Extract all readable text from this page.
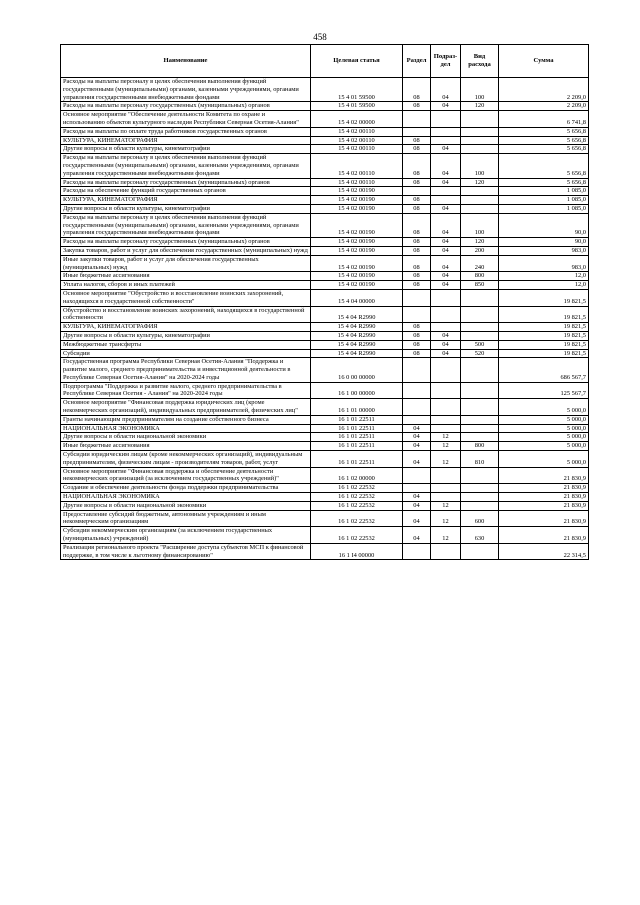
458
Наименование	Целевая статья	Раздел	Подраз-дел	Вид расхода	Сумма
Расходы на выплаты персоналу в целях обеспечения выполнения функций государственными (муниципальными) органами, казенными учреждениями, органами управления государственными внебюджетными фондами	15 4 01 59500	08	04	100	2 209,0
Расходы на выплаты персоналу государственных (муниципальных) органов	15 4 01 59500	08	04	120	2 209,0
Основное мероприятие "Обеспечение деятельности Комитета по охране и использованию объектов культурного наследия Республики Северная Осетия-Алания"	15 4 02 00000				6 741,8
Расходы на выплаты по оплате труда работников государственных органов	15 4 02 00110				5 656,8
КУЛЬТУРА, КИНЕМАТОГРАФИЯ	15 4 02 00110	08			5 656,8
Другие вопросы в области культуры, кинематографии	15 4 02 00110	08	04		5 656,8
Расходы на выплаты персоналу в целях обеспечения выполнения функций государственными (муниципальными) органами, казенными учреждениями, органами управления государственными внебюджетными фондами	15 4 02 00110	08	04	100	5 656,8
Расходы на выплаты персоналу государственных (муниципальных) органов	15 4 02 00110	08	04	120	5 656,8
Расходы на обеспечение функций государственных органов	15 4 02 00190				1 085,0
КУЛЬТУРА, КИНЕМАТОГРАФИЯ	15 4 02 00190	08			1 085,0
Другие вопросы в области культуры, кинематографии	15 4 02 00190	08	04		1 085,0
Расходы на выплаты персоналу в целях обеспечения выполнения функций государственными (муниципальными) органами, казенными учреждениями, органами управления государственными внебюджетными фондами	15 4 02 00190	08	04	100	90,0
Расходы на выплаты персоналу государственных (муниципальных) органов	15 4 02 00190	08	04	120	90,0
Закупка товаров, работ и услуг для обеспечения государственных (муниципальных) нужд	15 4 02 00190	08	04	200	983,0
Иные закупки товаров, работ и услуг для обеспечения государственных (муниципальных) нужд	15 4 02 00190	08	04	240	983,0
Иные бюджетные ассигнования	15 4 02 00190	08	04	800	12,0
Уплата налогов, сборов и иных платежей	15 4 02 00190	08	04	850	12,0
Основное мероприятие "Обустройство и восстановление воинских захоронений, находящихся в государственной собственности"	15 4 04 00000				19 821,5
Обустройство и восстановление воинских захоронений, находящихся в государственной собственности	15 4 04 R2990				19 821,5
КУЛЬТУРА, КИНЕМАТОГРАФИЯ	15 4 04 R2990	08			19 821,5
Другие вопросы в области культуры, кинематографии	15 4 04 R2990	08	04		19 821,5
Межбюджетные трансферты	15 4 04 R2990	08	04	500	19 821,5
Субсидии	15 4 04 R2990	08	04	520	19 821,5
Государственная программа Республики Северная Осетия-Алания "Поддержка и развитие малого, среднего предпринимательства и инвестиционной деятельности в Республике Северная Осетия-Алания" на 2020-2024 годы	16 0 00 00000				686 567,7
Подпрограмма "Поддержка и развитие малого, среднего предпринимательства в Республике Северная Осетия - Алания" на 2020-2024 годы	16 1 00 00000				125 567,7
Основное мероприятие "Финансовая поддержка юридических лиц (кроме некоммерческих организаций), индивидуальных предпринимателей, физических лиц"	16 1 01 00000				5 000,0
Гранты начинающим предпринимателям на создание собственного бизнеса	16 1 01 22511				5 000,0
НАЦИОНАЛЬНАЯ ЭКОНОМИКА	16 1 01 22511	04			5 000,0
Другие вопросы в области национальной экономики	16 1 01 22511	04	12		5 000,0
Иные бюджетные ассигнования	16 1 01 22511	04	12	800	5 000,0
Субсидии юридическим лицам (кроме некоммерческих организаций), индивидуальным предпринимателям, физическим лицам - производителям товаров, работ, услуг	16 1 01 22511	04	12	810	5 000,0
Основное мероприятие "Финансовая поддержка и обеспечение деятельности некоммерческих организаций (за исключением государственных учреждений)"	16 1 02 00000				21 830,9
Создание и обеспечение деятельности фонда поддержки предпринимательства	16 1 02 22532				21 830,9
НАЦИОНАЛЬНАЯ ЭКОНОМИКА	16 1 02 22532	04			21 830,9
Другие вопросы в области национальной экономики	16 1 02 22532	04	12		21 830,9
Предоставление субсидий бюджетным, автономным учреждениям и иным некоммерческим организациям	16 1 02 22532	04	12	600	21 830,9
Субсидии некоммерческим организациям (за исключением государственных (муниципальных) учреждений)	16 1 02 22532	04	12	630	21 830,9
Реализация регионального проекта "Расширение доступа субъектов МСП к финансовой поддержке, в том числе к льготному финансированию"	16 1 I4 00000				22 314,5
